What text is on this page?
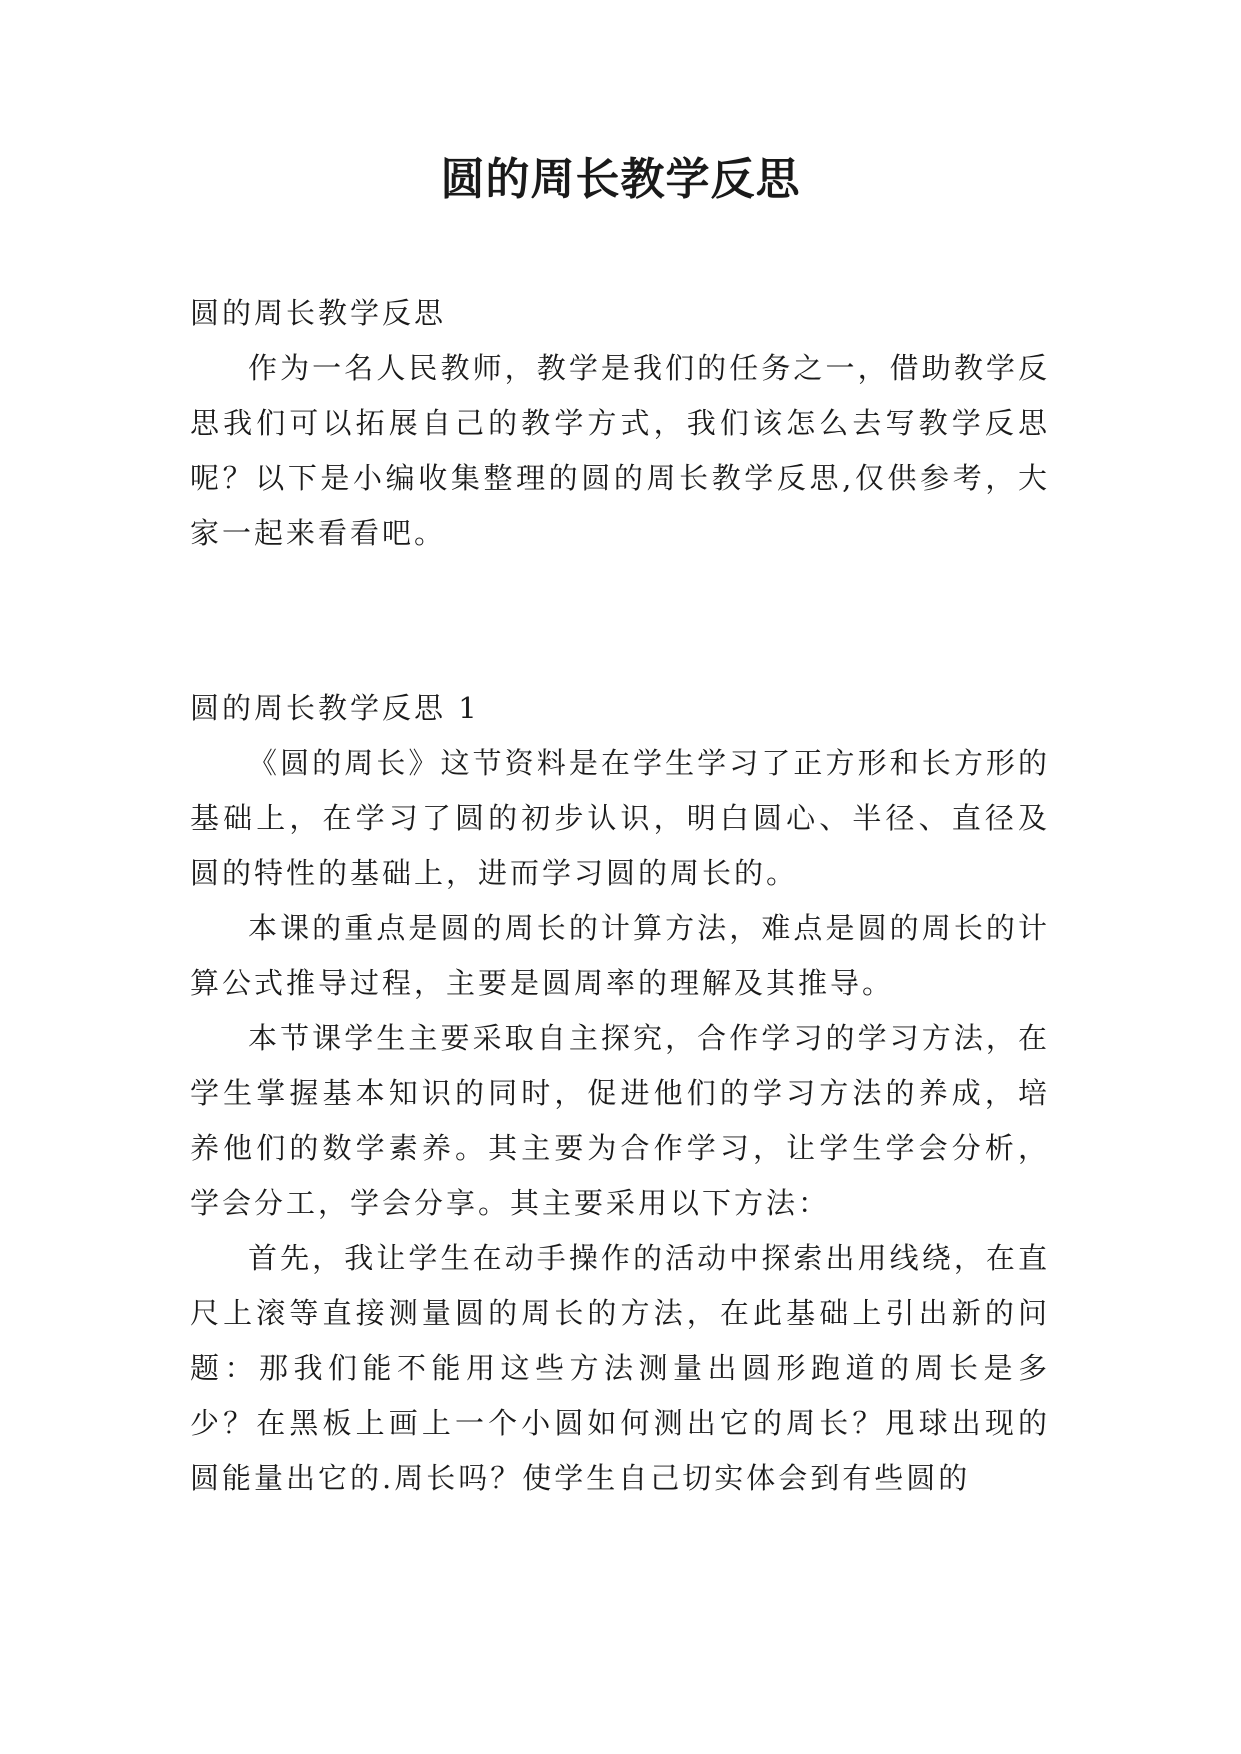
圆的周长教学反思

圆的周长教学反思

作为一名人民教师，教学是我们的任务之一，借助教学反思我们可以拓展自己的教学方式，我们该怎么去写教学反思呢？以下是小编收集整理的圆的周长教学反思,仅供参考，大家一起来看看吧。

圆的周长教学反思 1

《圆的周长》这节资料是在学生学习了正方形和长方形的基础上，在学习了圆的初步认识，明白圆心、半径、直径及圆的特性的基础上，进而学习圆的周长的。

本课的重点是圆的周长的计算方法，难点是圆的周长的计算公式推导过程，主要是圆周率的理解及其推导。

本节课学生主要采取自主探究，合作学习的学习方法，在学生掌握基本知识的同时，促进他们的学习方法的养成，培养他们的数学素养。其主要为合作学习，让学生学会分析，学会分工，学会分享。其主要采用以下方法：

首先，我让学生在动手操作的活动中探索出用线绕，在直尺上滚等直接测量圆的周长的方法，在此基础上引出新的问题：那我们能不能用这些方法测量出圆形跑道的周长是多少？在黑板上画上一个小圆如何测出它的周长？甩球出现的圆能量出它的.周长吗？使学生自己切实体会到有些圆的
